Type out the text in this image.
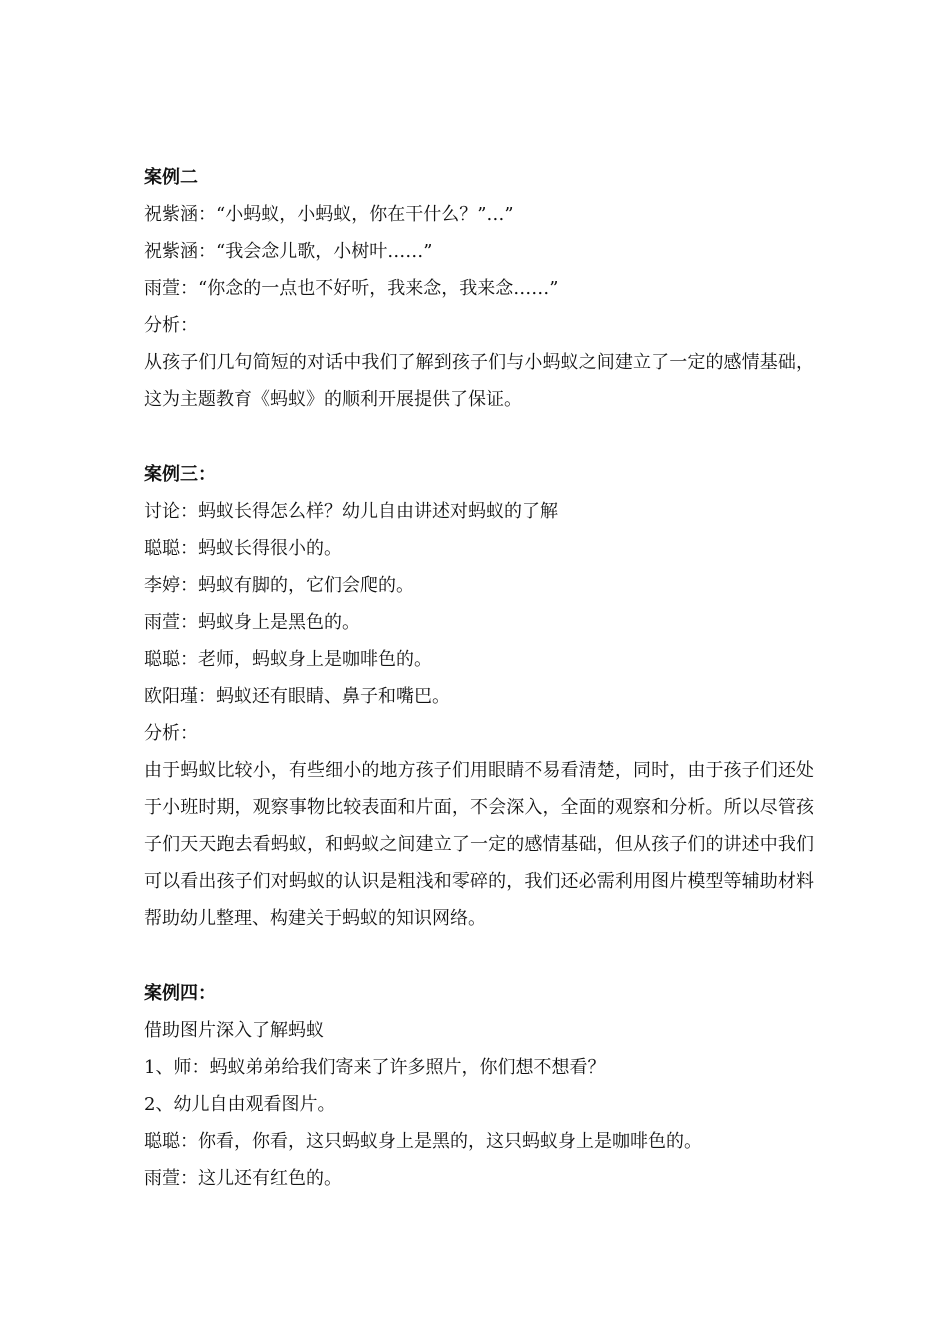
案例二

祝紫涵：“小蚂蚁，小蚂蚁，你在干什么？”…”

祝紫涵：“我会念儿歌，小树叶……”

雨萱：“你念的一点也不好听，我来念，我来念……”

分析：

从孩子们几句简短的对话中我们了解到孩子们与小蚂蚁之间建立了一定的感情基础，这为主题教育《蚂蚁》的顺利开展提供了保证。

案例三：

讨论：蚂蚁长得怎么样？幼儿自由讲述对蚂蚁的了解

聪聪：蚂蚁长得很小的。

李婷：蚂蚁有脚的，它们会爬的。

雨萱：蚂蚁身上是黑色的。

聪聪：老师，蚂蚁身上是咖啡色的。

欧阳瑾：蚂蚁还有眼睛、鼻子和嘴巴。

分析：

由于蚂蚁比较小，有些细小的地方孩子们用眼睛不易看清楚，同时，由于孩子们还处于小班时期，观察事物比较表面和片面，不会深入，全面的观察和分析。所以尽管孩子们天天跑去看蚂蚁，和蚂蚁之间建立了一定的感情基础，但从孩子们的讲述中我们可以看出孩子们对蚂蚁的认识是粗浅和零碎的，我们还必需利用图片模型等辅助材料帮助幼儿整理、构建关于蚂蚁的知识网络。

案例四：

借助图片深入了解蚂蚁

1、师：蚂蚁弟弟给我们寄来了许多照片，你们想不想看？

2、幼儿自由观看图片。

聪聪：你看，你看，这只蚂蚁身上是黑的，这只蚂蚁身上是咖啡色的。

雨萱：这儿还有红色的。
